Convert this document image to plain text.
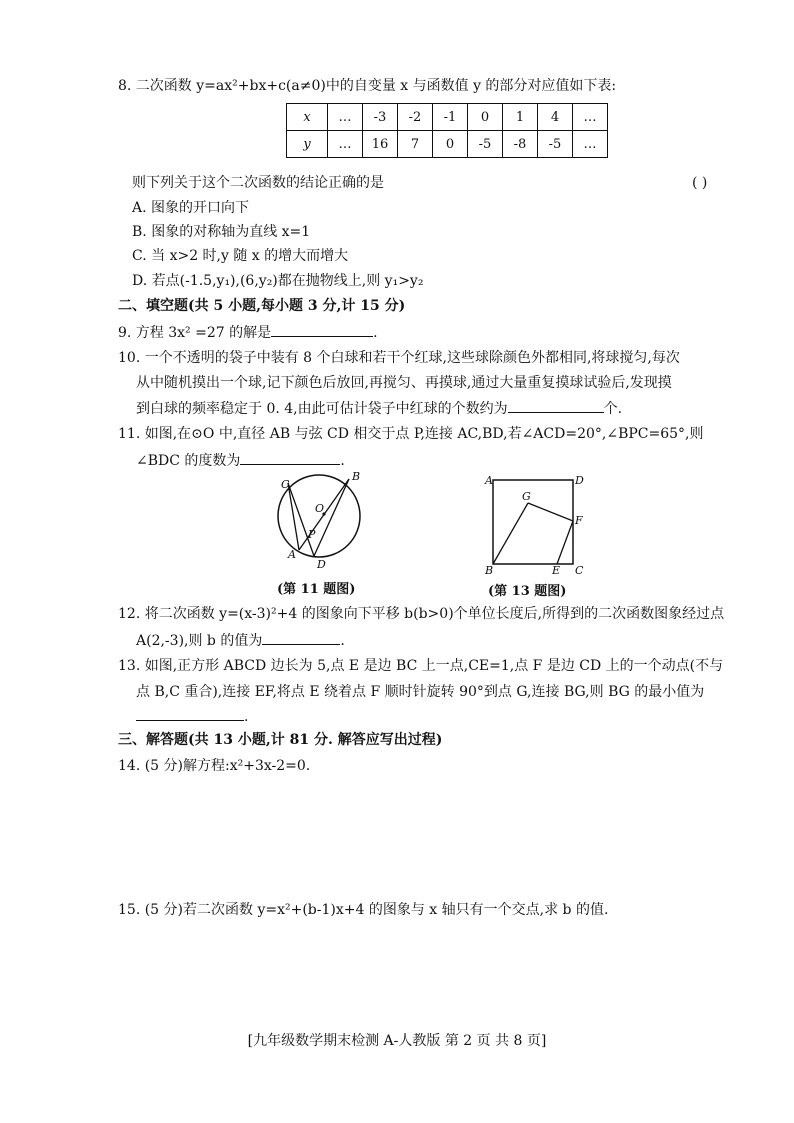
8. 二次函数 y=ax²+bx+c(a≠0)中的自变量 x 与函数值 y 的部分对应值如下表:
x	…	-3	-2	-1	0	1	4	…
y	…	16	7	0	-5	-8	-5	…
则下列关于这个二次函数的结论正确的是	( )
A. 图象的开口向下
B. 图象的对称轴为直线 x=1
C. 当 x>2 时,y 随 x 的增大而增大
D. 若点(-1.5,y₁),(6,y₂)都在抛物线上,则 y₁>y₂
二、填空题(共 5 小题,每小题 3 分,计 15 分)
9. 方程 3x² =27 的解是	.
10. 一个不透明的袋子中装有 8 个白球和若干个红球,这些球除颜色外都相同,将球搅匀,每次
从中随机摸出一个球,记下颜色后放回,再搅匀、再摸球,通过大量重复摸球试验后,发现摸
到白球的频率稳定于 0. 4,由此可估计袋子中红球的个数约为	个.
11. 如图,在⊙O 中,直径 AB 与弦 CD 相交于点 P,连接 AC,BD,若∠ACD=20°,∠BPC=65°,则
∠BDC 的度数为	.
C
B
O
P
A
D
(第 11 题图)
A	D
G
F
B	E C
(第 13 题图)
12. 将二次函数 y=(x-3)²+4 的图象向下平移 b(b>0)个单位长度后,所得到的二次函数图象经过点
A(2,-3),则 b 的值为	.
13. 如图,正方形 ABCD 边长为 5,点 E 是边 BC 上一点,CE=1,点 F 是边 CD 上的一个动点(不与
点 B,C 重合),连接 EF,将点 E 绕着点 F 顺时针旋转 90°到点 G,连接 BG,则 BG 的最小值为
.
三、解答题(共 13 小题,计 81 分. 解答应写出过程)
14. (5 分)解方程:x²+3x-2=0.
15. (5 分)若二次函数 y=x²+(b-1)x+4 的图象与 x 轴只有一个交点,求 b 的值.
[九年级数学期末检测 A-人教版 第 2 页 共 8 页]
